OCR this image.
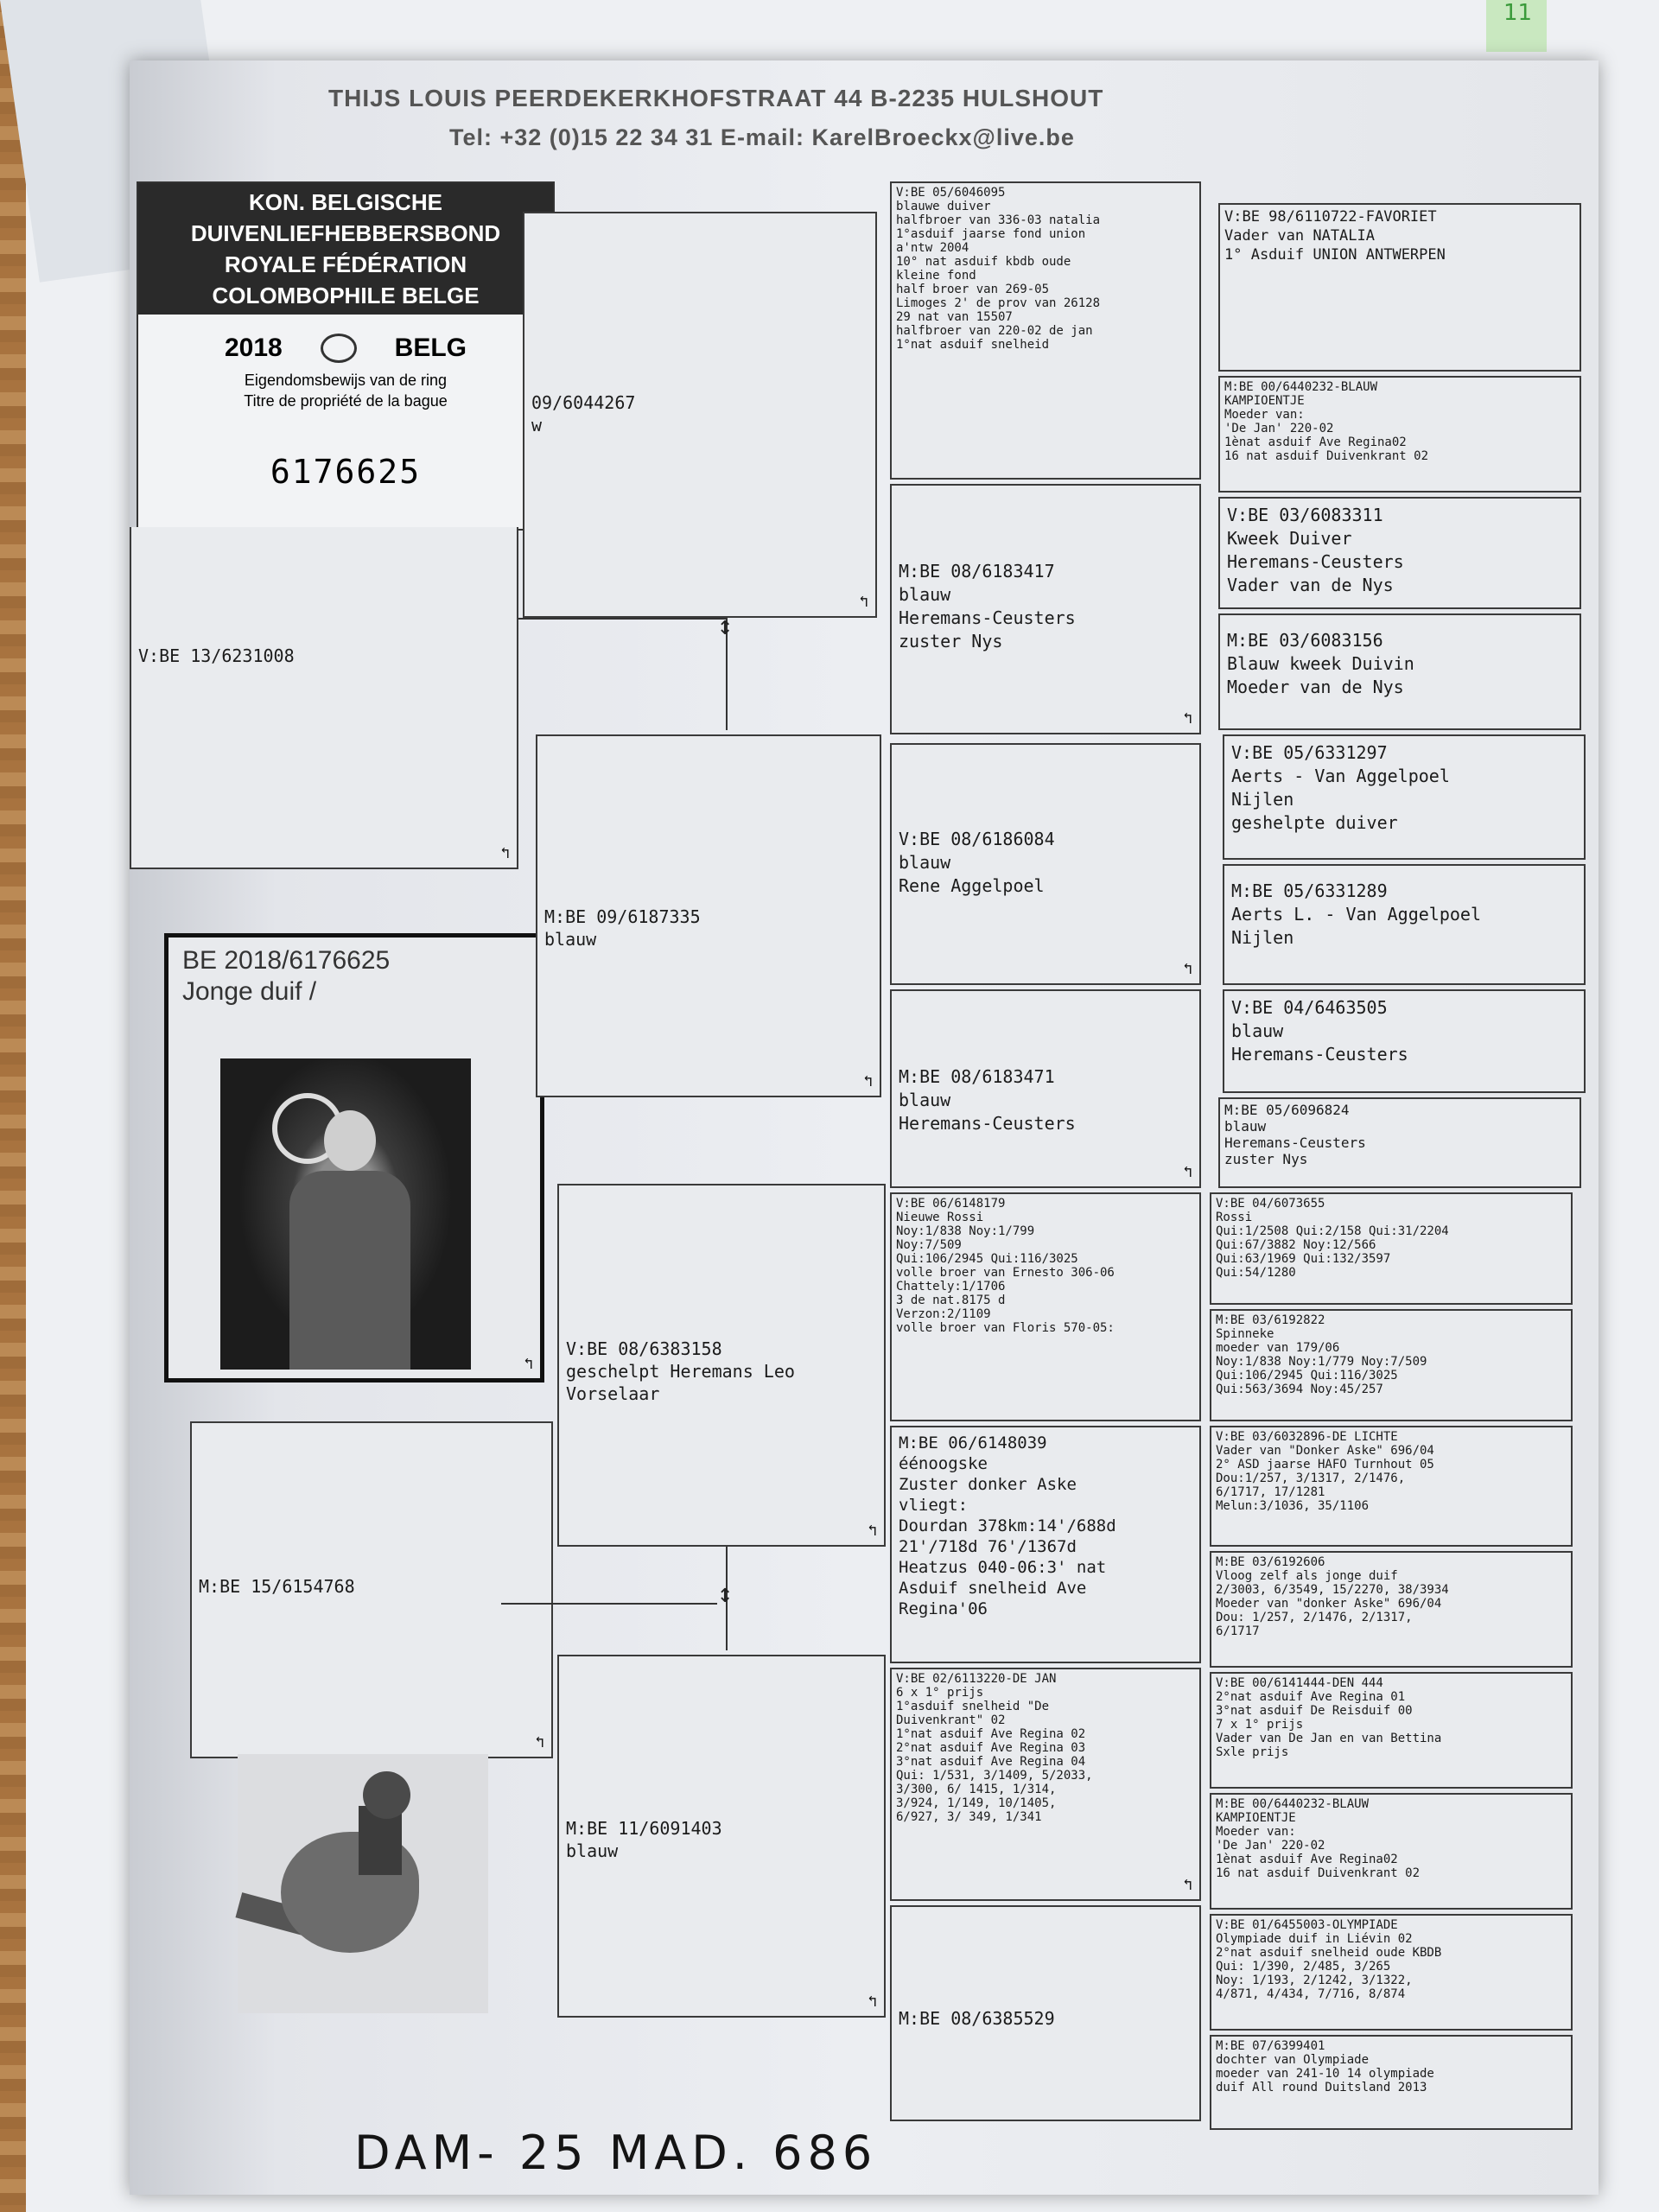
11
THIJS LOUIS PEERDEKERKHOFSTRAAT 44 B-2235 HULSHOUT
Tel: +32 (0)15 22 34 31 E-mail: KarelBroeckx@live.be
KON. BELGISCHE DUIVENLIEFHEBBERSBOND
ROYALE FÉDÉRATION COLOMBOPHILE BELGE
2018	BELG
Eigendomsbewijs van de ring
Titre de propriété de la bague
6176625
V:BE 13/6231008
↰
BE 2018/6176625
Jonge duif /
↰
M:BE 15/6154768
↰
09/6044267
w
↰
M:BE 09/6187335
blauw
↰
V:BE 08/6383158
geschelpt Heremans Leo
Vorselaar
↰
M:BE 11/6091403
blauw
↰
↕
↕
V:BE 05/6046095
blauwe duiver
halfbroer van 336-03 natalia
1°asduif jaarse fond union
a'ntw 2004
10° nat asduif kbdb oude
kleine fond
half broer van 269-05
Limoges 2' de prov van 26128
29 nat van 15507
halfbroer van 220-02 de jan
1°nat asduif snelheid
M:BE 08/6183417
blauw
Heremans-Ceusters
zuster Nys
↰
V:BE 08/6186084
blauw
Rene Aggelpoel
↰
M:BE 08/6183471
blauw
Heremans-Ceusters
↰
V:BE 06/6148179
Nieuwe Rossi
Noy:1/838 Noy:1/799
Noy:7/509
Qui:106/2945 Qui:116/3025
volle broer van Ernesto 306-06
Chattely:1/1706
3 de nat.8175 d
Verzon:2/1109
volle broer van Floris 570-05:
M:BE 06/6148039
éénoogske
Zuster donker Aske
vliegt:
Dourdan 378km:14'/688d
21'/718d 76'/1367d
Heatzus 040-06:3' nat
Asduif snelheid Ave
Regina'06
V:BE 02/6113220-DE JAN
6 x 1° prijs
1°asduif snelheid "De
Duivenkrant" 02
1°nat asduif Ave Regina 02
2°nat asduif Ave Regina 03
3°nat asduif Ave Regina 04
Qui: 1/531, 3/1409, 5/2033,
3/300, 6/ 1415, 1/314,
3/924, 1/149, 10/1405,
6/927, 3/ 349, 1/341
↰
M:BE 08/6385529
V:BE 98/6110722-FAVORIET
Vader van NATALIA
1° Asduif UNION ANTWERPEN
M:BE 00/6440232-BLAUW
KAMPIOENTJE
Moeder van:
'De Jan' 220-02
1ènat asduif Ave Regina02
16 nat asduif Duivenkrant 02
V:BE 03/6083311
Kweek Duiver
Heremans-Ceusters
Vader van de Nys
M:BE 03/6083156
Blauw kweek Duivin
Moeder van de Nys
V:BE 05/6331297
Aerts - Van Aggelpoel
Nijlen
geshelpte duiver
M:BE 05/6331289
Aerts L. - Van Aggelpoel
Nijlen
V:BE 04/6463505
blauw
Heremans-Ceusters
M:BE 05/6096824
blauw
Heremans-Ceusters
zuster Nys
V:BE 04/6073655
Rossi
Qui:1/2508 Qui:2/158 Qui:31/2204
Qui:67/3882 Noy:12/566
Qui:63/1969 Qui:132/3597
Qui:54/1280
M:BE 03/6192822
Spinneke
moeder van 179/06
Noy:1/838 Noy:1/779 Noy:7/509
Qui:106/2945 Qui:116/3025
Qui:563/3694 Noy:45/257
V:BE 03/6032896-DE LICHTE
Vader van "Donker Aske" 696/04
2° ASD jaarse HAFO Turnhout 05
Dou:1/257, 3/1317, 2/1476,
6/1717, 17/1281
Melun:3/1036, 35/1106
M:BE 03/6192606
Vloog zelf als jonge duif
2/3003, 6/3549, 15/2270, 38/3934
Moeder van "donker Aske" 696/04
Dou: 1/257, 2/1476, 2/1317,
6/1717
V:BE 00/6141444-DEN 444
2°nat asduif Ave Regina 01
3°nat asduif De Reisduif 00
7 x 1° prijs
Vader van De Jan en van Bettina
Sxle prijs
M:BE 00/6440232-BLAUW
KAMPIOENTJE
Moeder van:
'De Jan' 220-02
1ènat asduif Ave Regina02
16 nat asduif Duivenkrant 02
V:BE 01/6455003-OLYMPIADE
Olympiade duif in Liévin 02
2°nat asduif snelheid oude KBDB
Qui: 1/390, 2/485, 3/265
Noy: 1/193, 2/1242, 3/1322,
4/871, 4/434, 7/716, 8/874
M:BE 07/6399401
dochter van Olympiade
moeder van 241-10 14 olympiade
duif All round Duitsland 2013
DAM- 25 MAD. 686
